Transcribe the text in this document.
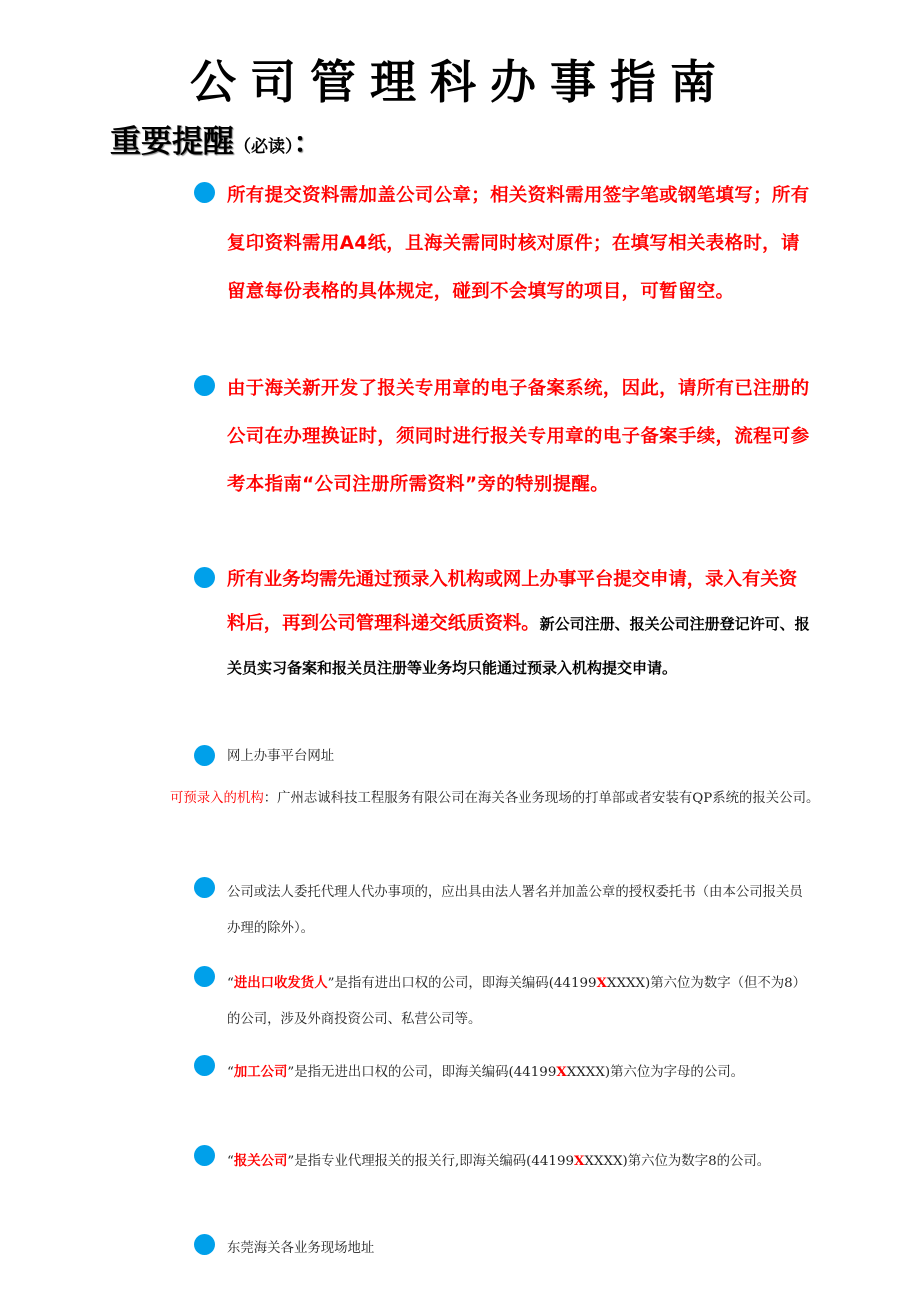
公司管理科办事指南
重要提醒（必读）：
所有提交资料需加盖公司公章；相关资料需用签字笔或钢笔填写；所有复印资料需用A4纸，且海关需同时核对原件；在填写相关表格时，请留意每份表格的具体规定，碰到不会填写的项目，可暂留空。
由于海关新开发了报关专用章的电子备案系统，因此，请所有已注册的公司在办理换证时，须同时进行报关专用章的电子备案手续，流程可参考本指南“公司注册所需资料”旁的特别提醒。
所有业务均需先通过预录入机构或网上办事平台提交申请，录入有关资料后，再到公司管理科递交纸质资料。新公司注册、报关公司注册登记许可、报关员实习备案和报关员注册等业务均只能通过预录入机构提交申请。
网上办事平台网址
可预录入的机构：广州志诚科技工程服务有限公司在海关各业务现场的打单部或者安装有QP系统的报关公司。
公司或法人委托代理人代办事项的，应出具由法人署名并加盖公章的授权委托书（由本公司报关员办理的除外）。
“进出口收发货人”是指有进出口权的公司，即海关编码(44199XXXXX)第六位为数字（但不为8）的公司，涉及外商投资公司、私营公司等。
“加工公司”是指无进出口权的公司，即海关编码(44199XXXXX)第六位为字母的公司。
“报关公司”是指专业代理报关的报关行,即海关编码(44199XXXXX)第六位为数字8的公司。
东莞海关各业务现场地址
